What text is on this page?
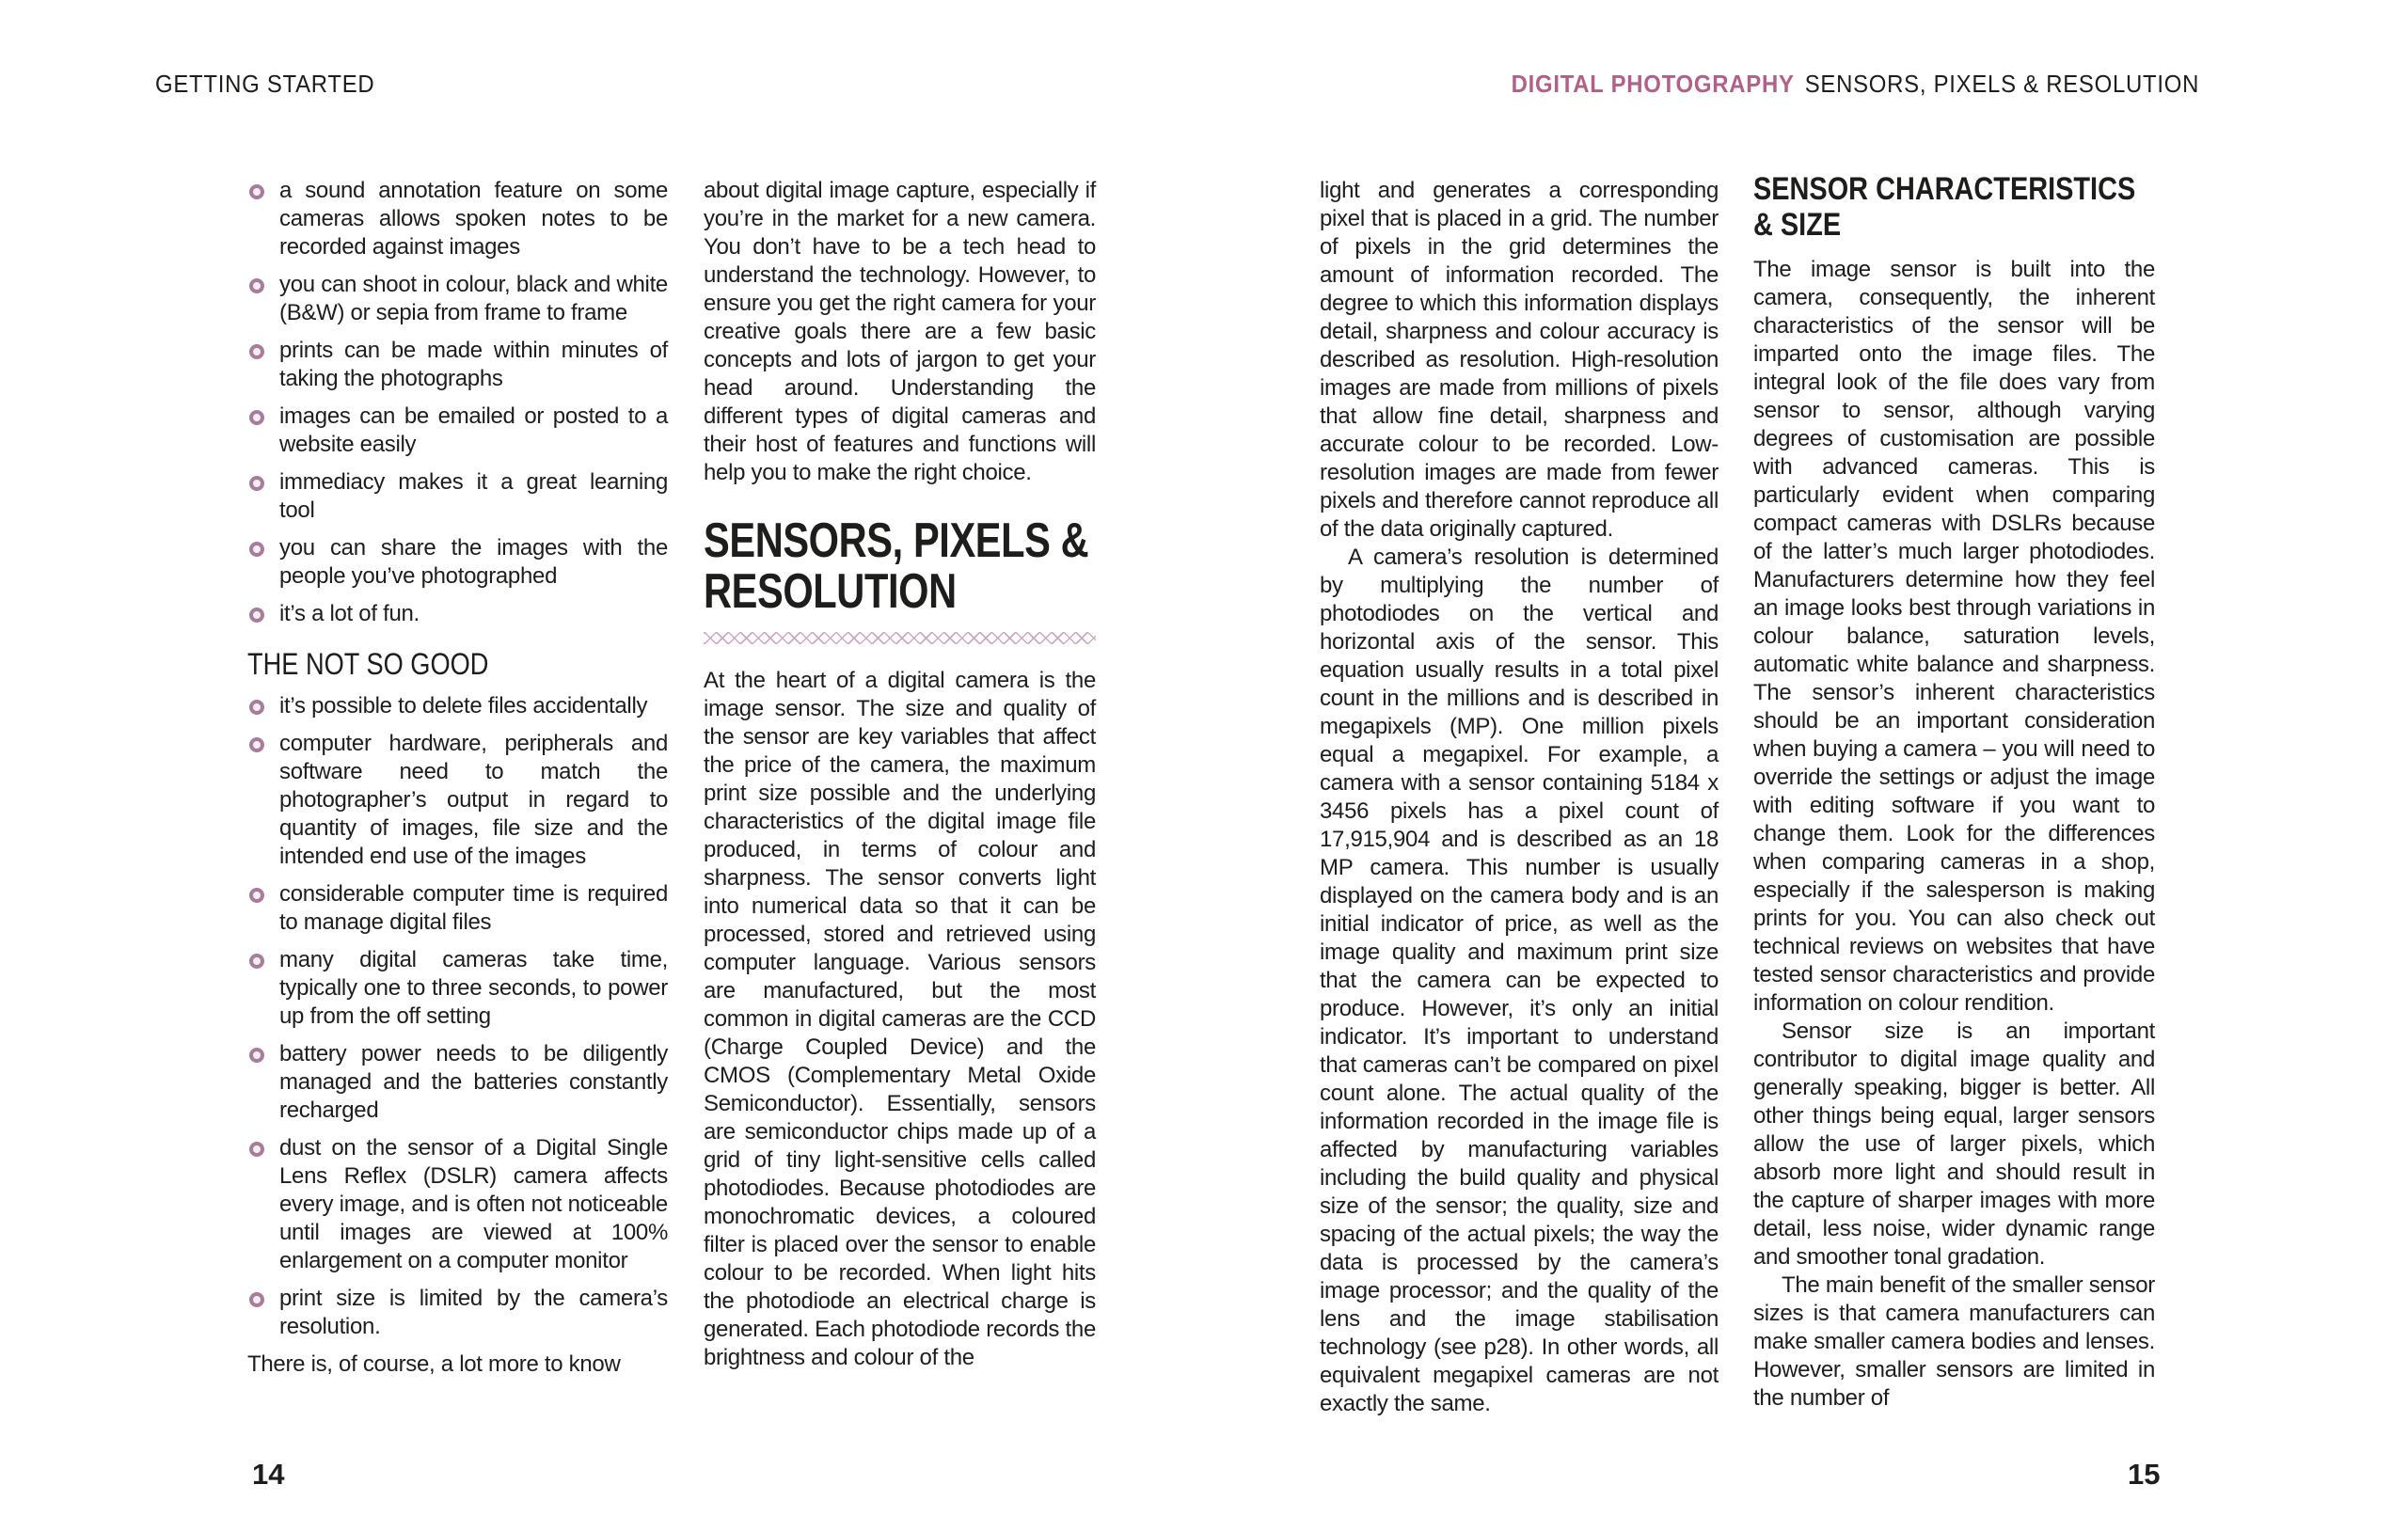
GETTING STARTED	DIGITAL PHOTOGRAPHY SENSORS, PIXELS & RESOLUTION
a sound annotation feature on some cameras allows spoken notes to be recorded against images
you can shoot in colour, black and white (B&W) or sepia from frame to frame
prints can be made within minutes of taking the photographs
images can be emailed or posted to a website easily
immediacy makes it a great learning tool
you can share the images with the people you’ve photographed
it’s a lot of fun.
THE NOT SO GOOD
it’s possible to delete files accidentally
computer hardware, peripherals and software need to match the photographer’s output in regard to quantity of images, file size and the intended end use of the images
considerable computer time is required to manage digital files
many digital cameras take time, typically one to three seconds, to power up from the off setting
battery power needs to be diligently managed and the batteries constantly recharged
dust on the sensor of a Digital Single Lens Reflex (DSLR) camera affects every image, and is often not noticeable until images are viewed at 100% enlargement on a computer monitor
print size is limited by the camera’s resolution.

There is, of course, a lot more to know

about digital image capture, especially if you’re in the market for a new camera. You don’t have to be a tech head to understand the technology. However, to ensure you get the right camera for your creative goals there are a few basic concepts and lots of jargon to get your head around. Understanding the different types of digital cameras and their host of features and functions will help you to make the right choice.

SENSORS, PIXELS & RESOLUTION

At the heart of a digital camera is the image sensor. The size and quality of the sensor are key variables that affect the price of the camera, the maximum print size possible and the underlying characteristics of the digital image file produced, in terms of colour and sharpness. The sensor converts light into numerical data so that it can be processed, stored and retrieved using computer language. Various sensors are manufactured, but the most common in digital cameras are the CCD (Charge Coupled Device) and the CMOS (Complementary Metal Oxide Semiconductor). Essentially, sensors are semiconductor chips made up of a grid of tiny light-sensitive cells called photodiodes. Because photodiodes are monochromatic devices, a coloured filter is placed over the sensor to enable colour to be recorded. When light hits the photodiode an electrical charge is generated. Each photodiode records the brightness and colour of the

light and generates a corresponding pixel that is placed in a grid. The number of pixels in the grid determines the amount of information recorded. The degree to which this information displays detail, sharpness and colour accuracy is described as resolution. High-resolution images are made from millions of pixels that allow fine detail, sharpness and accurate colour to be recorded. Low-resolution images are made from fewer pixels and therefore cannot reproduce all of the data originally captured.

A camera’s resolution is determined by multiplying the number of photodiodes on the vertical and horizontal axis of the sensor. This equation usually results in a total pixel count in the millions and is described in megapixels (MP). One million pixels equal a megapixel. For example, a camera with a sensor containing 5184 x 3456 pixels has a pixel count of 17,915,904 and is described as an 18 MP camera. This number is usually displayed on the camera body and is an initial indicator of price, as well as the image quality and maximum print size that the camera can be expected to produce. However, it’s only an initial indicator. It’s important to understand that cameras can’t be compared on pixel count alone. The actual quality of the information recorded in the image file is affected by manufacturing variables including the build quality and physical size of the sensor; the quality, size and spacing of the actual pixels; the way the data is processed by the camera’s image processor; and the quality of the lens and the image stabilisation technology (see p28). In other words, all equivalent megapixel cameras are not exactly the same.

SENSOR CHARACTERISTICS & SIZE

The image sensor is built into the camera, consequently, the inherent characteristics of the sensor will be imparted onto the image files. The integral look of the file does vary from sensor to sensor, although varying degrees of customisation are possible with advanced cameras. This is particularly evident when comparing compact cameras with DSLRs because of the latter’s much larger photodiodes. Manufacturers determine how they feel an image looks best through variations in colour balance, saturation levels, automatic white balance and sharpness. The sensor’s inherent characteristics should be an important consideration when buying a camera – you will need to override the settings or adjust the image with editing software if you want to change them. Look for the differences when comparing cameras in a shop, especially if the salesperson is making prints for you. You can also check out technical reviews on websites that have tested sensor characteristics and provide information on colour rendition.

Sensor size is an important contributor to digital image quality and generally speaking, bigger is better. All other things being equal, larger sensors allow the use of larger pixels, which absorb more light and should result in the capture of sharper images with more detail, less noise, wider dynamic range and smoother tonal gradation.

The main benefit of the smaller sensor sizes is that camera manufacturers can make smaller camera bodies and lenses. However, smaller sensors are limited in the number of

14	15
